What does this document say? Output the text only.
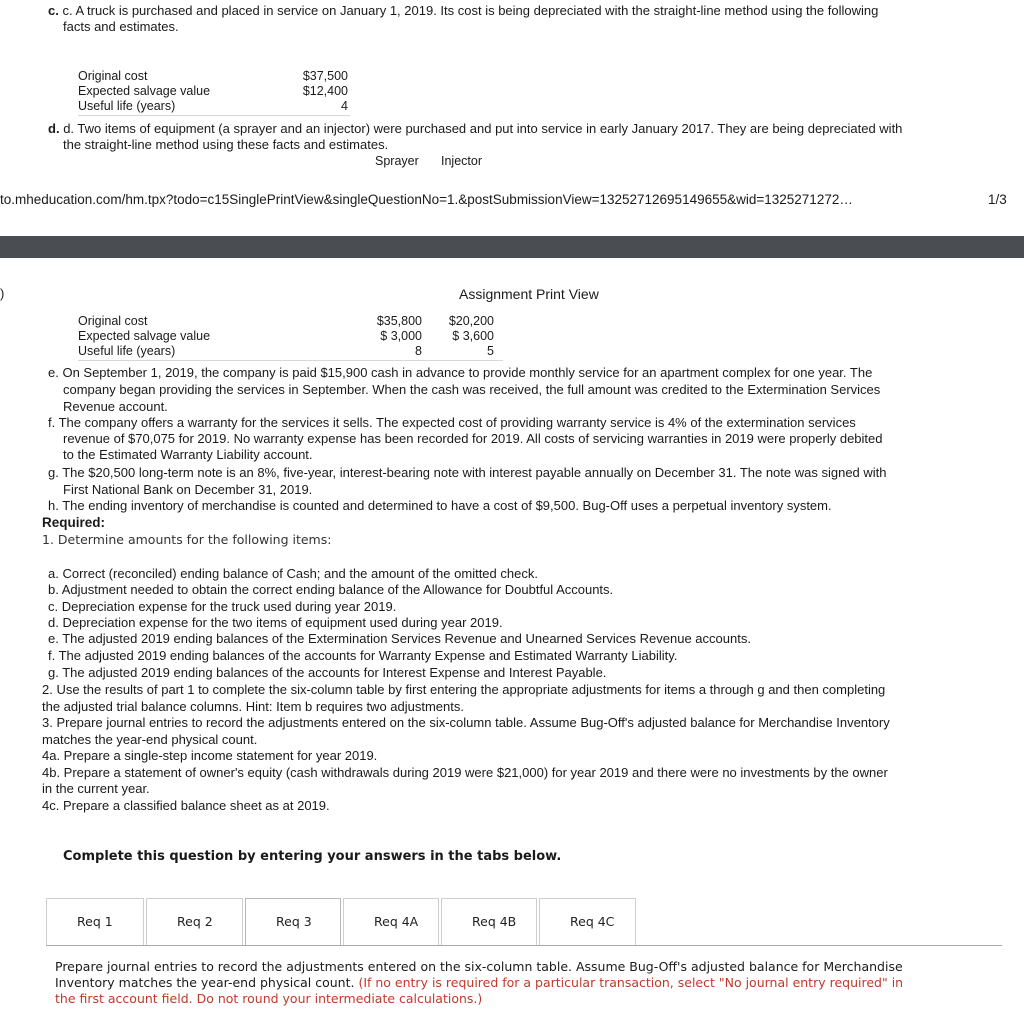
c. c. A truck is purchased and placed in service on January 1, 2019. Its cost is being depreciated with the straight-line method using the following
facts and estimates.
Original cost	$37,500
Expected salvage value	$12,400
Useful life (years)	4
d. d. Two items of equipment (a sprayer and an injector) were purchased and put into service in early January 2017. They are being depreciated with
the straight-line method using these facts and estimates.
Sprayer Injector
to.mheducation.com/hm.tpx?todo=c15SinglePrintView&singleQuestionNo=1.&postSubmissionView=13252712695149655&wid=1325271272…	1/3
)	Assignment Print View
Original cost	$35,800	$20,200
Expected salvage value	$ 3,000	$ 3,600
Useful life (years)	8	5
e. On September 1, 2019, the company is paid $15,900 cash in advance to provide monthly service for an apartment complex for one year. The
company began providing the services in September. When the cash was received, the full amount was credited to the Extermination Services
Revenue account.
f. The company offers a warranty for the services it sells. The expected cost of providing warranty service is 4% of the extermination services
revenue of $70,075 for 2019. No warranty expense has been recorded for 2019. All costs of servicing warranties in 2019 were properly debited
to the Estimated Warranty Liability account.
g. The $20,500 long-term note is an 8%, five-year, interest-bearing note with interest payable annually on December 31. The note was signed with
First National Bank on December 31, 2019.
h. The ending inventory of merchandise is counted and determined to have a cost of $9,500. Bug-Off uses a perpetual inventory system.
Required:
1. Determine amounts for the following items:
a. Correct (reconciled) ending balance of Cash; and the amount of the omitted check.
b. Adjustment needed to obtain the correct ending balance of the Allowance for Doubtful Accounts.
c. Depreciation expense for the truck used during year 2019.
d. Depreciation expense for the two items of equipment used during year 2019.
e. The adjusted 2019 ending balances of the Extermination Services Revenue and Unearned Services Revenue accounts.
f. The adjusted 2019 ending balances of the accounts for Warranty Expense and Estimated Warranty Liability.
g. The adjusted 2019 ending balances of the accounts for Interest Expense and Interest Payable.
2. Use the results of part 1 to complete the six-column table by first entering the appropriate adjustments for items a through g and then completing
the adjusted trial balance columns. Hint: Item b requires two adjustments.
3. Prepare journal entries to record the adjustments entered on the six-column table. Assume Bug-Off's adjusted balance for Merchandise Inventory
matches the year-end physical count.
4a. Prepare a single-step income statement for year 2019.
4b. Prepare a statement of owner's equity (cash withdrawals during 2019 were $21,000) for year 2019 and there were no investments by the owner
in the current year.
4c. Prepare a classified balance sheet as at 2019.
Complete this question by entering your answers in the tabs below.
Req 1	Req 2	Req 3	Req 4A	Req 4B	Req 4C
Prepare journal entries to record the adjustments entered on the six-column table. Assume Bug-Off's adjusted balance for Merchandise
Inventory matches the year-end physical count. (If no entry is required for a particular transaction, select "No journal entry required" in
the first account field. Do not round your intermediate calculations.)
